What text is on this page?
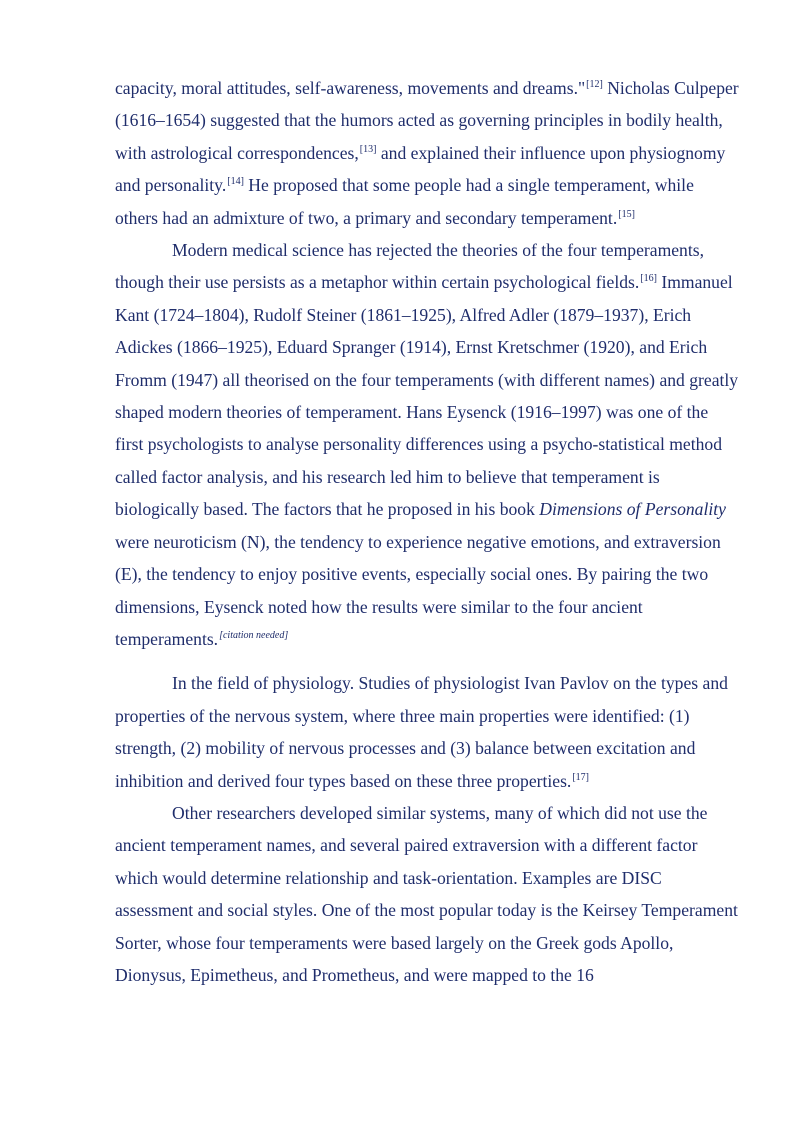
capacity, moral attitudes, self-awareness, movements and dreams."[12] Nicholas Culpeper (1616–1654) suggested that the humors acted as governing principles in bodily health, with astrological correspondences,[13] and explained their influence upon physiognomy and personality.[14] He proposed that some people had a single temperament, while others had an admixture of two, a primary and secondary temperament.[15]

Modern medical science has rejected the theories of the four temperaments, though their use persists as a metaphor within certain psychological fields.[16] Immanuel Kant (1724–1804), Rudolf Steiner (1861–1925), Alfred Adler (1879–1937), Erich Adickes (1866–1925), Eduard Spranger (1914), Ernst Kretschmer (1920), and Erich Fromm (1947) all theorised on the four temperaments (with different names) and greatly shaped modern theories of temperament. Hans Eysenck (1916–1997) was one of the first psychologists to analyse personality differences using a psycho-statistical method called factor analysis, and his research led him to believe that temperament is biologically based. The factors that he proposed in his book Dimensions of Personality were neuroticism (N), the tendency to experience negative emotions, and extraversion (E), the tendency to enjoy positive events, especially social ones. By pairing the two dimensions, Eysenck noted how the results were similar to the four ancient temperaments.[citation needed]

In the field of physiology. Studies of physiologist Ivan Pavlov on the types and properties of the nervous system, where three main properties were identified: (1) strength, (2) mobility of nervous processes and (3) balance between excitation and inhibition and derived four types based on these three properties.[17]

Other researchers developed similar systems, many of which did not use the ancient temperament names, and several paired extraversion with a different factor which would determine relationship and task-orientation. Examples are DISC assessment and social styles. One of the most popular today is the Keirsey Temperament Sorter, whose four temperaments were based largely on the Greek gods Apollo, Dionysus, Epimetheus, and Prometheus, and were mapped to the 16
